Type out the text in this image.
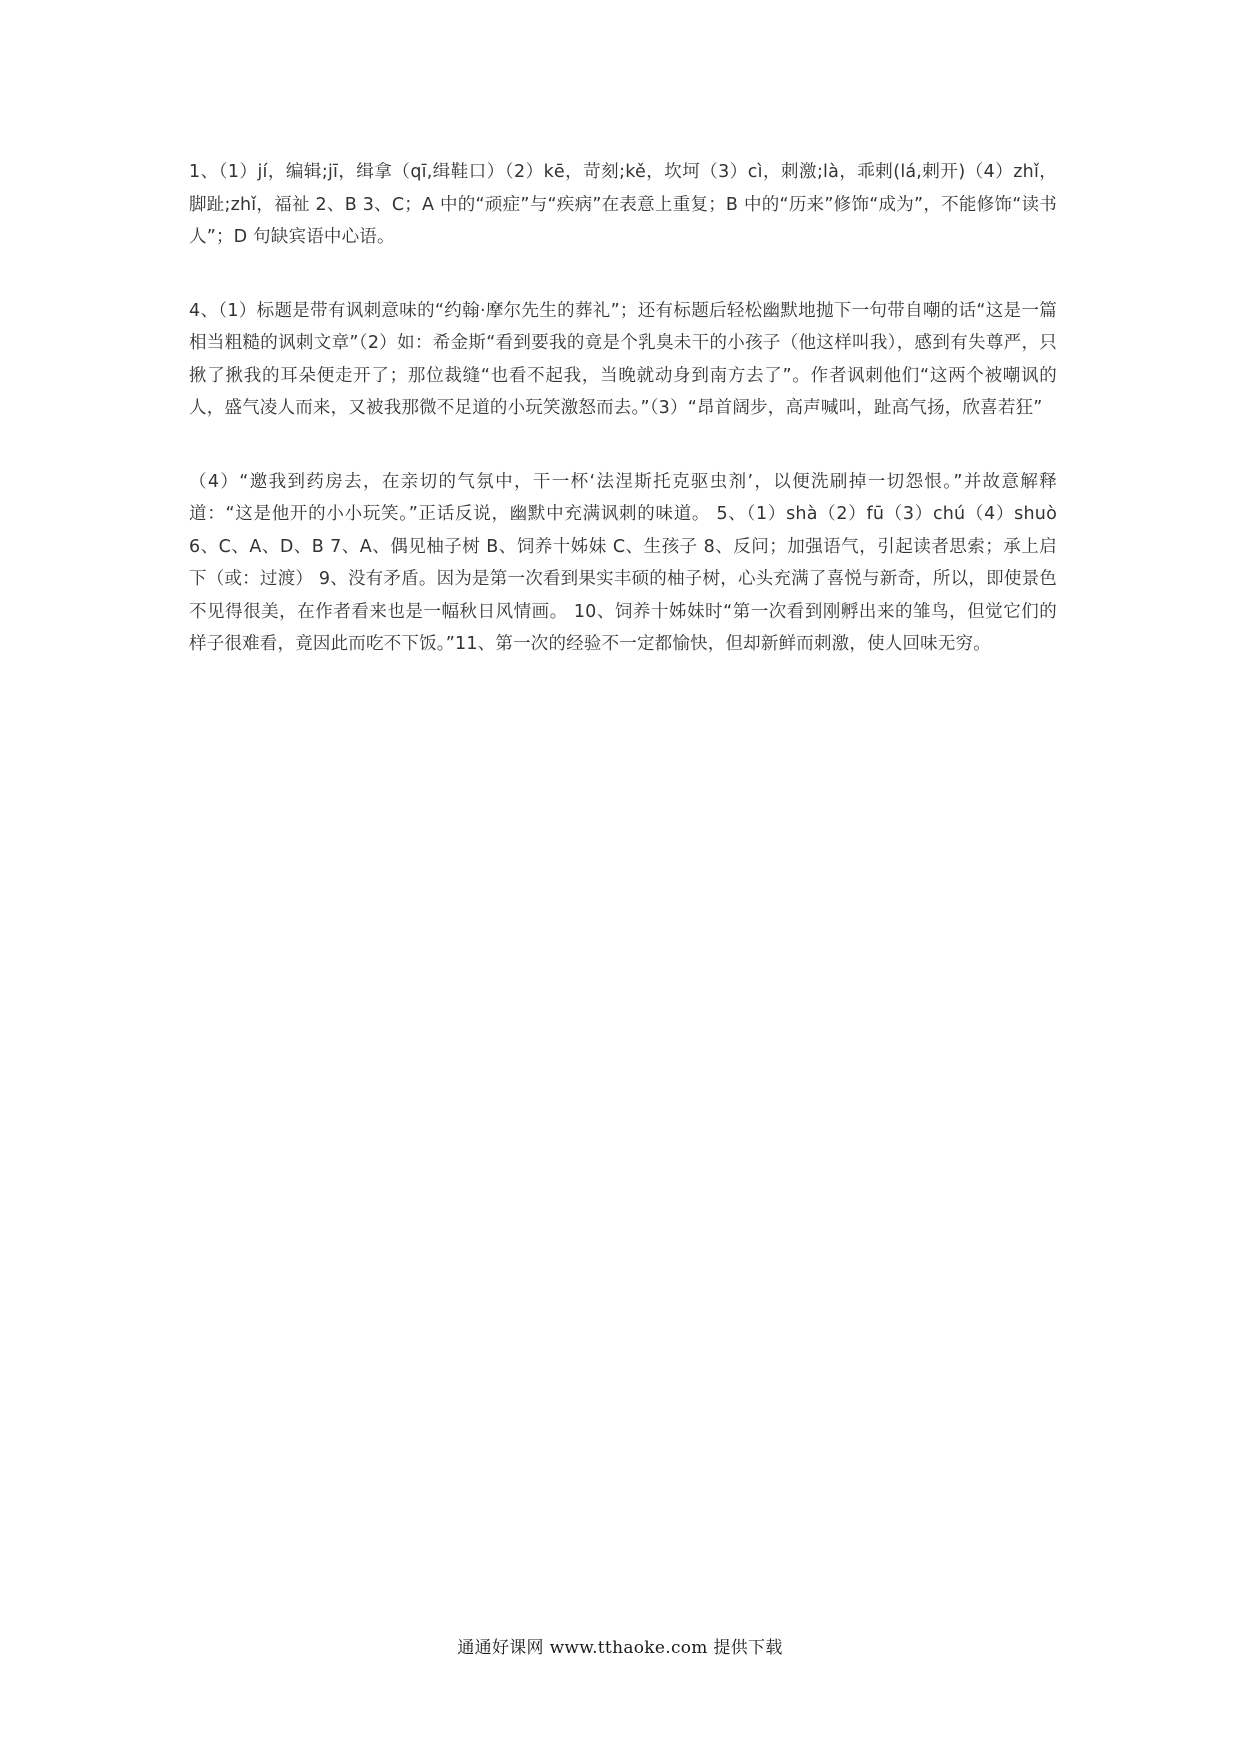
1、（1）jí，编辑;jī，缉拿（qī,缉鞋口）（2）kē，苛刻;kě，坎坷（3）cì，刺激;là，乖剌(lá,剌开)（4）zhǐ，脚趾;zhǐ，福祉 2、B 3、C；A 中的“顽症”与“疾病”在表意上重复；B 中的“历来”修饰“成为”，不能修饰“读书人”；D 句缺宾语中心语。

4、（1）标题是带有讽刺意味的“约翰·摩尔先生的葬礼”；还有标题后轻松幽默地抛下一句带自嘲的话“这是一篇相当粗糙的讽刺文章”（2）如：希金斯“看到要我的竟是个乳臭未干的小孩子（他这样叫我），感到有失尊严，只揪了揪我的耳朵便走开了；那位裁缝“也看不起我，当晚就动身到南方去了”。作者讽刺他们“这两个被嘲讽的人，盛气凌人而来，又被我那微不足道的小玩笑激怒而去。”（3）“昂首阔步，高声喊叫，趾高气扬，欣喜若狂”

（4）“邀我到药房去，在亲切的气氛中，干一杯‘法涅斯托克驱虫剂’，以便洗刷掉一切怨恨。”并故意解释道：“这是他开的小小玩笑。”正话反说，幽默中充满讽刺的味道。 5、（1）shà（2）fū（3）chú（4）shuò 6、C、A、D、B 7、A、偶见柚子树 B、饲养十姊妹 C、生孩子 8、反问；加强语气，引起读者思索；承上启下（或：过渡） 9、没有矛盾。因为是第一次看到果实丰硕的柚子树，心头充满了喜悦与新奇，所以，即使景色不见得很美，在作者看来也是一幅秋日风情画。 10、饲养十姊妹时“第一次看到刚孵出来的雏鸟，但觉它们的样子很难看，竟因此而吃不下饭。”11、第一次的经验不一定都愉快，但却新鲜而刺激，使人回味无穷。

通通好课网 www.tthaoke.com 提供下载
